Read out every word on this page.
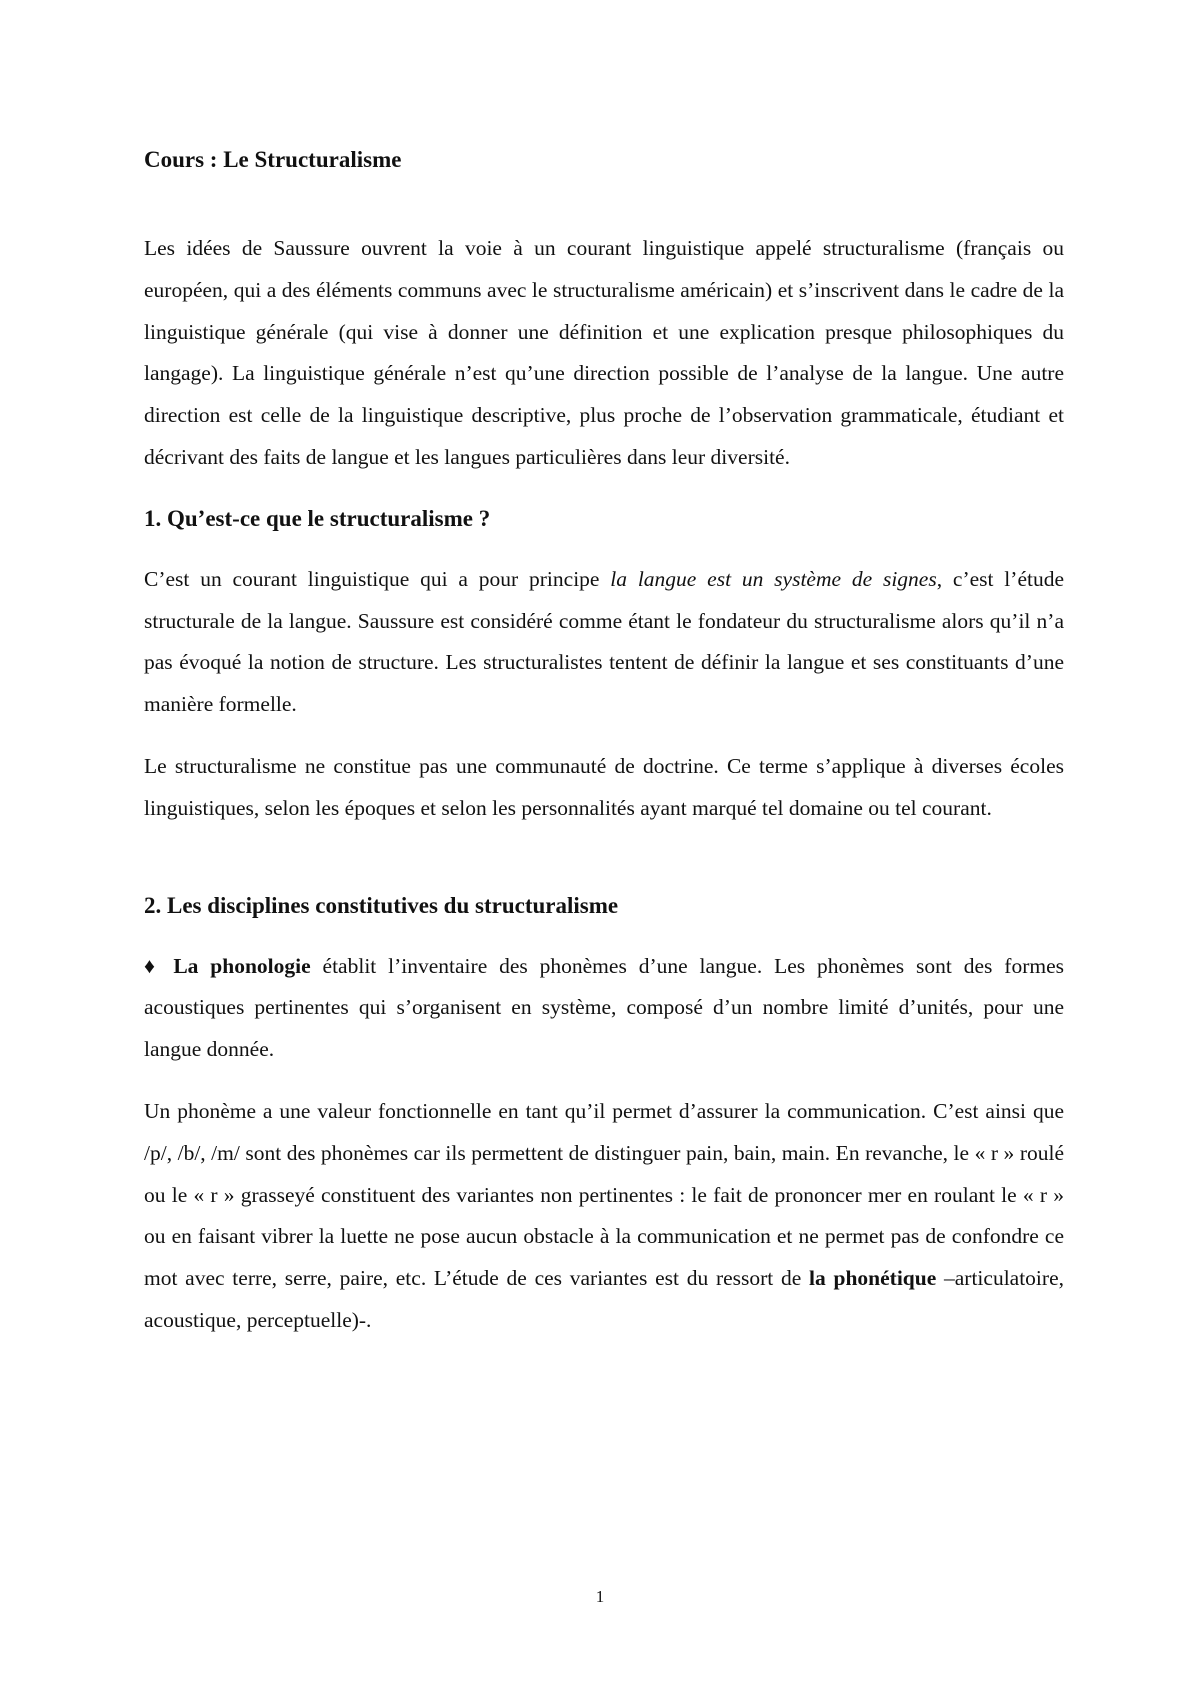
Cours : Le Structuralisme

Les idées de Saussure ouvrent la voie à un courant linguistique appelé structuralisme (français ou européen, qui a des éléments communs avec le structuralisme américain) et s’inscrivent dans le cadre de la linguistique générale (qui vise à donner une définition et une explication presque philosophiques du langage). La linguistique générale n’est qu’une direction possible de l’analyse de la langue. Une autre direction est celle de la linguistique descriptive, plus proche de l’observation grammaticale, étudiant et décrivant des faits de langue et les langues particulières dans leur diversité.

1. Qu’est-ce que le structuralisme ?

C’est un courant linguistique qui a pour principe la langue est un système de signes, c’est l’étude structurale de la langue. Saussure est considéré comme étant le fondateur du structuralisme alors qu’il n’a pas évoqué la notion de structure. Les structuralistes tentent de définir la langue et ses constituants d’une manière formelle.

Le structuralisme ne constitue pas une communauté de doctrine. Ce terme s’applique à diverses écoles linguistiques, selon les époques et selon les personnalités ayant marqué tel domaine ou tel courant.

2. Les disciplines constitutives du structuralisme

♦ La phonologie établit l’inventaire des phonèmes d’une langue. Les phonèmes sont des formes acoustiques pertinentes qui s’organisent en système, composé d’un nombre limité d’unités, pour une langue donnée.

Un phonème a une valeur fonctionnelle en tant qu’il permet d’assurer la communication. C’est ainsi que /p/, /b/, /m/ sont des phonèmes car ils permettent de distinguer pain, bain, main. En revanche, le « r » roulé ou le « r » grasseyé constituent des variantes non pertinentes : le fait de prononcer mer en roulant le « r » ou en faisant vibrer la luette ne pose aucun obstacle à la communication et ne permet pas de confondre ce mot avec terre, serre, paire, etc. L’étude de ces variantes est du ressort de la phonétique –articulatoire, acoustique, perceptuelle)-.

1
